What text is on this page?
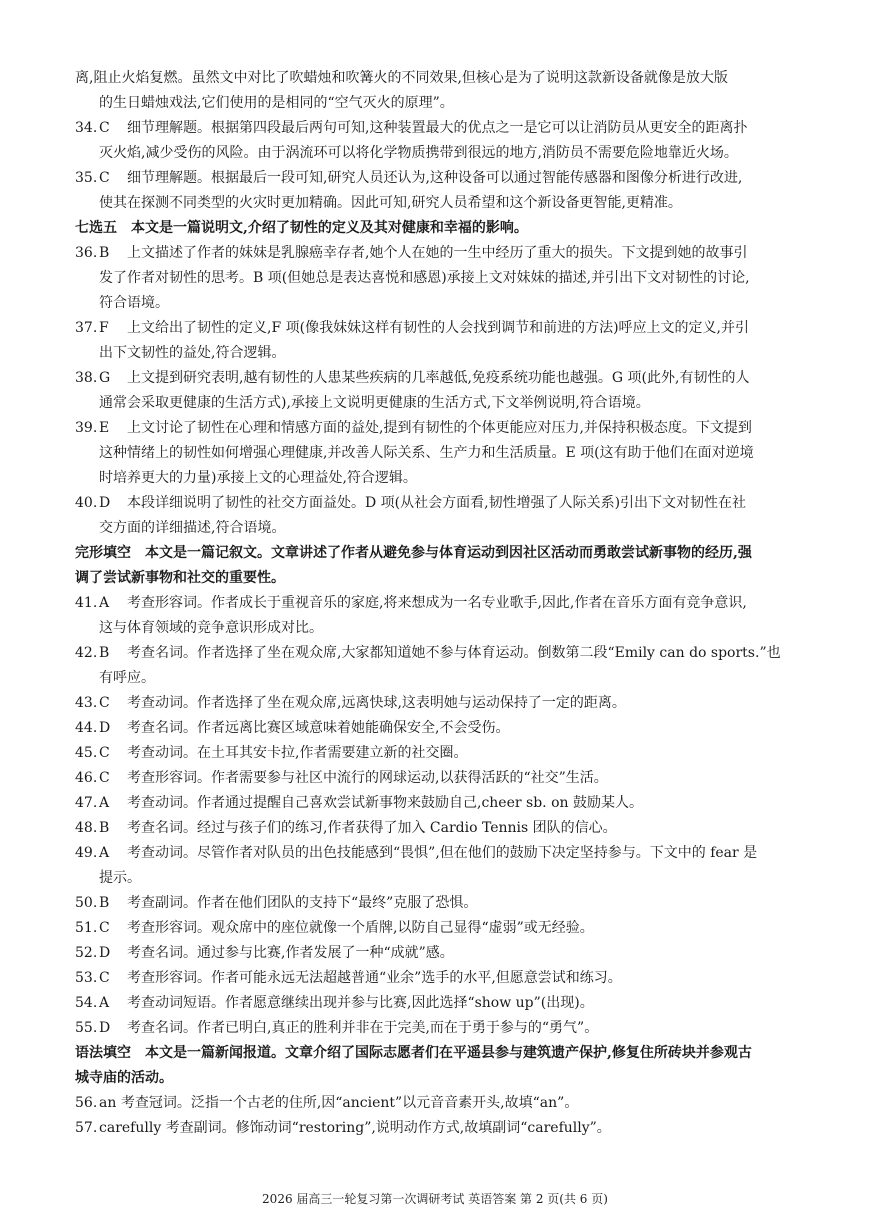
离,阻止火焰复燃。虽然文中对比了吹蜡烛和吹篝火的不同效果,但核心是为了说明这款新设备就像是放大版
的生日蜡烛戏法,它们使用的是相同的“空气灭火的原理”。
34. C 细节理解题。根据第四段最后两句可知,这种装置最大的优点之一是它可以让消防员从更安全的距离扑
灭火焰,减少受伤的风险。由于涡流环可以将化学物质携带到很远的地方,消防员不需要危险地靠近火场。
35. C 细节理解题。根据最后一段可知,研究人员还认为,这种设备可以通过智能传感器和图像分析进行改进,
使其在探测不同类型的火灾时更加精确。因此可知,研究人员希望和这个新设备更智能,更精准。
七选五 本文是一篇说明文,介绍了韧性的定义及其对健康和幸福的影响。
36. B 上文描述了作者的妹妹是乳腺癌幸存者,她个人在她的一生中经历了重大的损失。下文提到她的故事引
发了作者对韧性的思考。B 项(但她总是表达喜悦和感恩)承接上文对妹妹的描述,并引出下文对韧性的讨论,
符合语境。
37. F 上文给出了韧性的定义,F 项(像我妹妹这样有韧性的人会找到调节和前进的方法)呼应上文的定义,并引
出下文韧性的益处,符合逻辑。
38. G 上文提到研究表明,越有韧性的人患某些疾病的几率越低,免疫系统功能也越强。G 项(此外,有韧性的人
通常会采取更健康的生活方式),承接上文说明更健康的生活方式,下文举例说明,符合语境。
39. E 上文讨论了韧性在心理和情感方面的益处,提到有韧性的个体更能应对压力,并保持积极态度。下文提到
这种情绪上的韧性如何增强心理健康,并改善人际关系、生产力和生活质量。E 项(这有助于他们在面对逆境
时培养更大的力量)承接上文的心理益处,符合逻辑。
40. D 本段详细说明了韧性的社交方面益处。D 项(从社会方面看,韧性增强了人际关系)引出下文对韧性在社
交方面的详细描述,符合语境。
完形填空 本文是一篇记叙文。文章讲述了作者从避免参与体育运动到因社区活动而勇敢尝试新事物的经历,强
调了尝试新事物和社交的重要性。
41. A 考查形容词。作者成长于重视音乐的家庭,将来想成为一名专业歌手,因此,作者在音乐方面有竞争意识,
这与体育领域的竞争意识形成对比。
42. B 考查名词。作者选择了坐在观众席,大家都知道她不参与体育运动。倒数第二段“Emily can do sports.”也
有呼应。
43. C 考查动词。作者选择了坐在观众席,远离快球,这表明她与运动保持了一定的距离。
44. D 考查名词。作者远离比赛区域意味着她能确保安全,不会受伤。
45. C 考查动词。在土耳其安卡拉,作者需要建立新的社交圈。
46. C 考查形容词。作者需要参与社区中流行的网球运动,以获得活跃的“社交”生活。
47. A 考查动词。作者通过提醒自己喜欢尝试新事物来鼓励自己,cheer sb. on 鼓励某人。
48. B 考查名词。经过与孩子们的练习,作者获得了加入 Cardio Tennis 团队的信心。
49. A 考查动词。尽管作者对队员的出色技能感到“畏惧”,但在他们的鼓励下决定坚持参与。下文中的 fear 是
提示。
50. B 考查副词。作者在他们团队的支持下“最终”克服了恐惧。
51. C 考查形容词。观众席中的座位就像一个盾牌,以防自己显得“虚弱”或无经验。
52. D 考查名词。通过参与比赛,作者发展了一种“成就”感。
53. C 考查形容词。作者可能永远无法超越普通“业余”选手的水平,但愿意尝试和练习。
54. A 考查动词短语。作者愿意继续出现并参与比赛,因此选择“show up”(出现)。
55. D 考查名词。作者已明白,真正的胜利并非在于完美,而在于勇于参与的“勇气”。
语法填空 本文是一篇新闻报道。文章介绍了国际志愿者们在平遥县参与建筑遗产保护,修复住所砖块并参观古
城寺庙的活动。
56. an 考查冠词。泛指一个古老的住所,因“ancient”以元音音素开头,故填“an”。
57. carefully 考查副词。修饰动词“restoring”,说明动作方式,故填副词“carefully”。
2026 届高三一轮复习第一次调研考试 英语答案 第 2 页(共 6 页)
